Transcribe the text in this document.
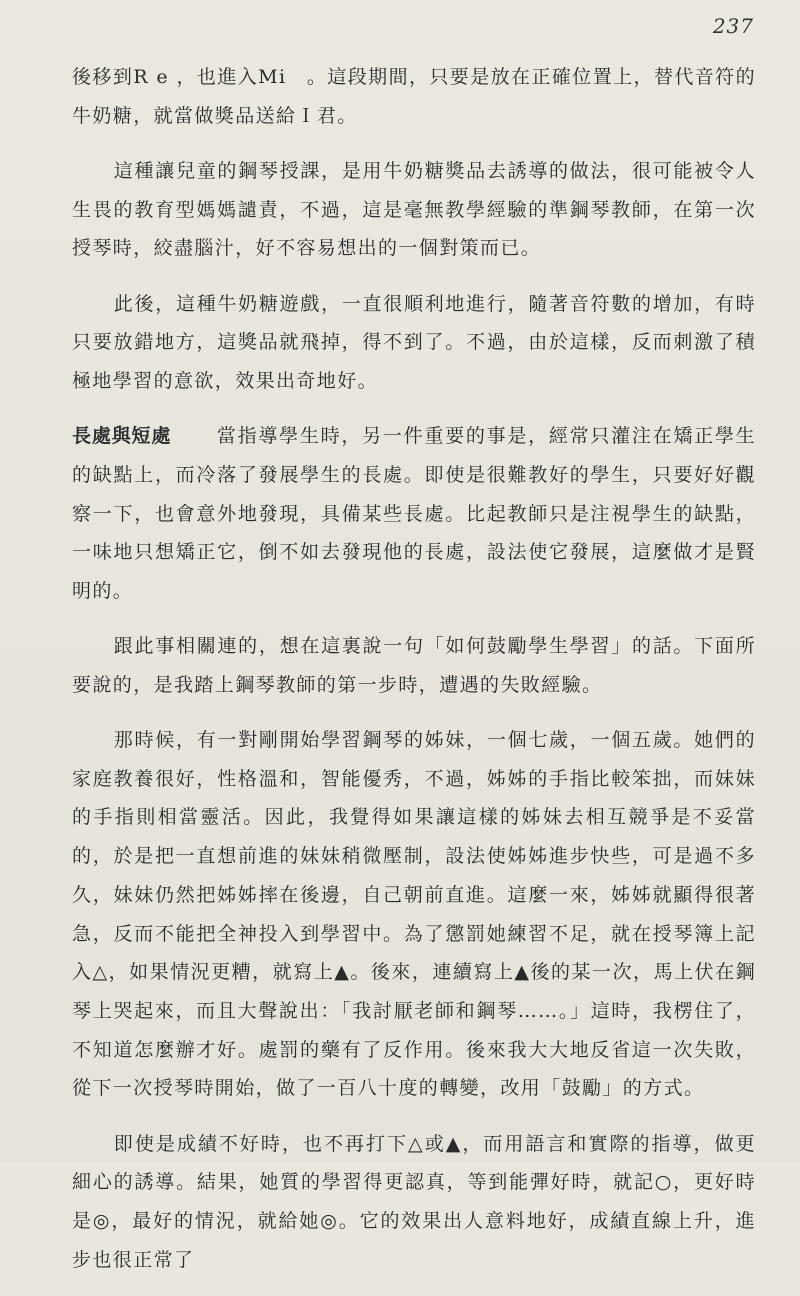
237

後移到R e ，也進入Mi　。這段期間，只要是放在正確位置上，替代音符的牛奶糖，就當做獎品送給Ｉ君。

這種讓兒童的鋼琴授課，是用牛奶糖獎品去誘導的做法，很可能被令人生畏的教育型媽媽譴責，不過，這是毫無教學經驗的準鋼琴教師，在第一次授琴時，絞盡腦汁，好不容易想出的一個對策而已。

此後，這種牛奶糖遊戲，一直很順利地進行，隨著音符數的增加，有時只要放錯地方，這獎品就飛掉，得不到了。不過，由於這樣，反而刺激了積極地學習的意欲，效果出奇地好。

長處與短處 當指導學生時，另一件重要的事是，經常只灌注在矯正學生的缺點上，而冷落了發展學生的長處。即使是很難教好的學生，只要好好觀察一下，也會意外地發現，具備某些長處。比起教師只是注視學生的缺點，一味地只想矯正它，倒不如去發現他的長處，設法使它發展，這麼做才是賢明的。

跟此事相關連的，想在這裏說一句「如何鼓勵學生學習」的話。下面所要說的，是我踏上鋼琴教師的第一步時，遭遇的失敗經驗。

那時候，有一對剛開始學習鋼琴的姊妹，一個七歲，一個五歲。她們的家庭教養很好，性格溫和，智能優秀，不過，姊姊的手指比較笨拙，而妹妹的手指則相當靈活。因此，我覺得如果讓這樣的姊妹去相互競爭是不妥當的，於是把一直想前進的妹妹稍微壓制，設法使姊姊進步快些，可是過不多久，妹妹仍然把姊姊摔在後邊，自己朝前直進。這麼一來，姊姊就顯得很著急，反而不能把全神投入到學習中。為了懲罰她練習不足，就在授琴簿上記入△，如果情況更糟，就寫上▲。後來，連續寫上▲後的某一次，馬上伏在鋼琴上哭起來，而且大聲說出：「我討厭老師和鋼琴……。」這時，我楞住了，不知道怎麼辦才好。處罰的藥有了反作用。後來我大大地反省這一次失敗，從下一次授琴時開始，做了一百八十度的轉變，改用「鼓勵」的方式。

即使是成績不好時，也不再打下△或▲，而用語言和實際的指導，做更細心的誘導。結果，她質的學習得更認真，等到能彈好時，就記○，更好時是◎，最好的情況，就給她◎。它的效果出人意料地好，成績直線上升，進步也很正常了
